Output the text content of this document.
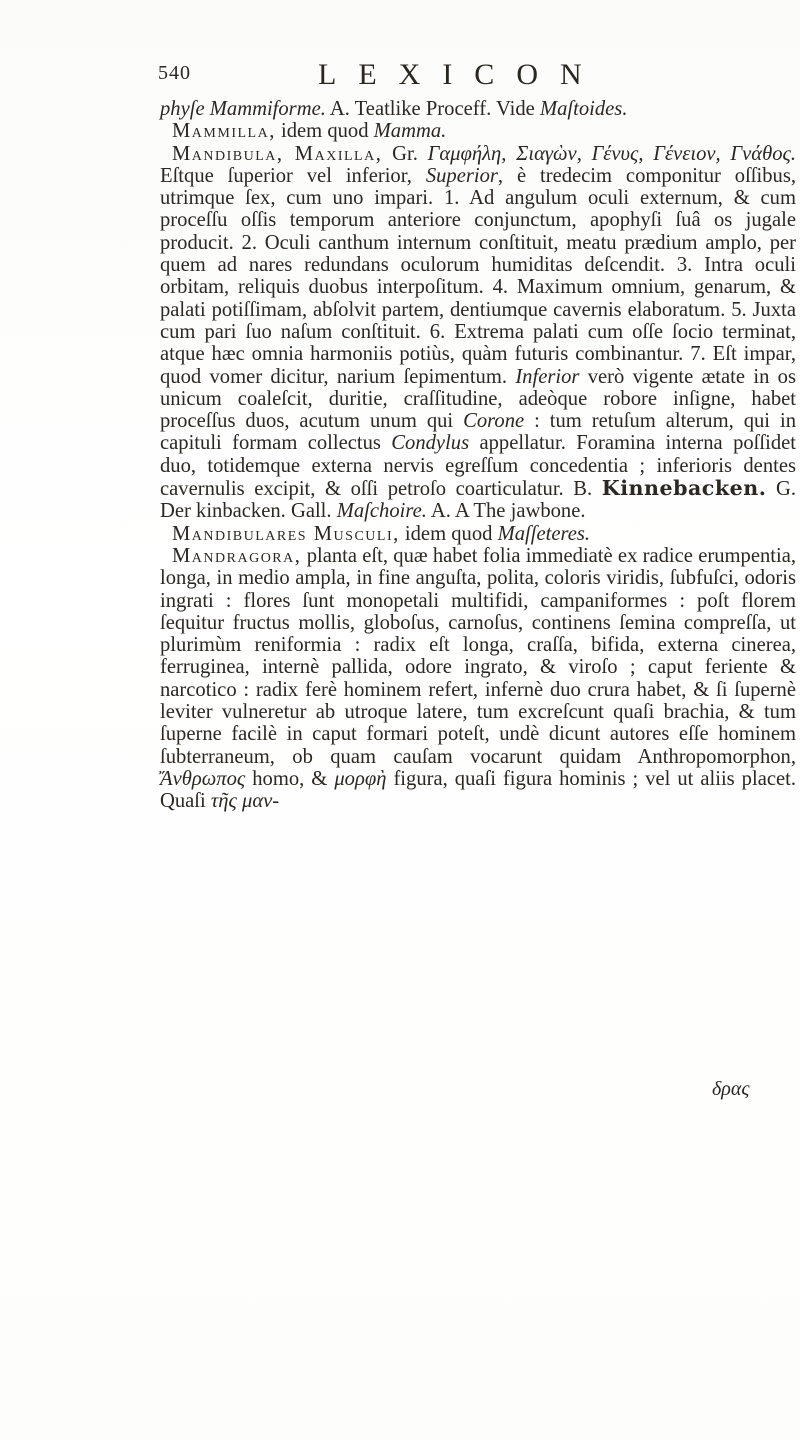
540	LEXICON

phyſe Mammiforme. A. Teatlike Proceff. Vide Maſtoides.

Mammilla, idem quod Mamma.

Mandibula, Maxilla, Gr. Γαμφήλη, Σιαγὼν, Γένυς, Γένειον, Γνάθος. Eſtque ſuperior vel inferior, Superior, è tredecim componitur oſſibus, utrimque ſex, cum uno impari. 1. Ad angulum oculi externum, & cum proceſſu oſſis temporum anteriore conjunctum, apophyſi ſuâ os jugale producit. 2. Oculi canthum internum conſtituit, meatu prædium amplo, per quem ad nares redundans oculorum humiditas deſcendit. 3. Intra oculi orbitam, reliquis duobus interpoſitum. 4. Maximum omnium, genarum, & palati potiſſimam, abſolvit partem, dentiumque cavernis elaboratum. 5. Juxta cum pari ſuo naſum conſtituit. 6. Extrema palati cum oſſe ſocio terminat, atque hæc omnia harmoniis potiùs, quàm futuris combinantur. 7. Eſt impar, quod vomer dicitur, narium ſepimentum. Inferior verò vigente ætate in os unicum coaleſcit, duritie, craſſitudine, adeòque robore inſigne, habet proceſſus duos, acutum unum qui Corone : tum retuſum alterum, qui in capituli formam collectus Condylus appellatur. Foramina interna poſſidet duo, totidemque externa nervis egreſſum concedentia ; inferioris dentes cavernulis excipit, & oſſi petroſo coarticulatur. B. Kinnebacken. G. Der kinbacken. Gall. Maſchoire. A. A The jawbone.

Mandibulares Musculi, idem quod Maſſeteres.

Mandragora, planta eſt, quæ habet folia immediatè ex radice erumpentia, longa, in medio ampla, in fine anguſta, polita, coloris viridis, ſubfuſci, odoris ingrati : flores ſunt monopetali multifidi, campaniformes : poſt florem ſequitur fructus mollis, globoſus, carnoſus, continens ſemina compreſſa, ut plurimùm reniformia : radix eſt longa, craſſa, bifida, externa cinerea, ferruginea, internè pallida, odore ingrato, & viroſo ; caput feriente & narcotico : radix ferè hominem refert, infernè duo crura habet, & ſi ſupernè leviter vulneretur ab utroque latere, tum excreſcunt quaſi brachia, & tum ſuperne facilè in caput formari poteſt, undè dicunt autores eſſe hominem ſubterraneum, ob quam cauſam vocarunt quidam Anthropomorphon, Ἄνθρωπος homo, & μορφὴ figura, quaſi figura hominis ; vel ut aliis placet. Quaſi τῆς μαν-

δρας
